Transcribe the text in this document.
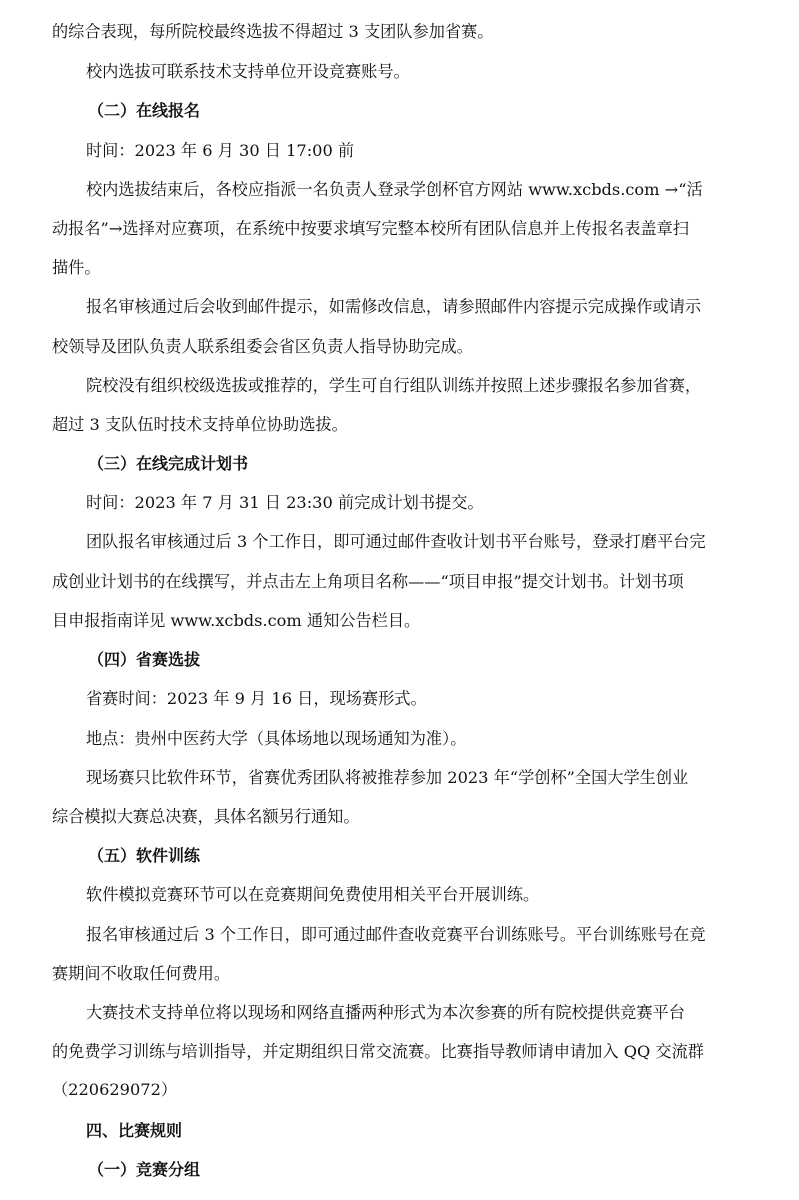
的综合表现，每所院校最终选拔不得超过 3 支团队参加省赛。
校内选拔可联系技术支持单位开设竞赛账号。
（二）在线报名
时间：2023 年 6 月 30 日 17:00 前
校内选拔结束后，各校应指派一名负责人登录学创杯官方网站 www.xcbds.com →“活
动报名”→选择对应赛项，在系统中按要求填写完整本校所有团队信息并上传报名表盖章扫
描件。
报名审核通过后会收到邮件提示，如需修改信息，请参照邮件内容提示完成操作或请示
校领导及团队负责人联系组委会省区负责人指导协助完成。
院校没有组织校级选拔或推荐的，学生可自行组队训练并按照上述步骤报名参加省赛，
超过 3 支队伍时技术支持单位协助选拔。
（三）在线完成计划书
时间：2023 年 7 月 31 日 23:30 前完成计划书提交。
团队报名审核通过后 3 个工作日，即可通过邮件查收计划书平台账号，登录打磨平台完
成创业计划书的在线撰写，并点击左上角项目名称——“项目申报”提交计划书。计划书项
目申报指南详见 www.xcbds.com 通知公告栏目。
（四）省赛选拔
省赛时间：2023 年 9 月 16 日，现场赛形式。
地点：贵州中医药大学（具体场地以现场通知为准）。
现场赛只比软件环节，省赛优秀团队将被推荐参加 2023 年“学创杯”全国大学生创业
综合模拟大赛总决赛，具体名额另行通知。
（五）软件训练
软件模拟竞赛环节可以在竞赛期间免费使用相关平台开展训练。
报名审核通过后 3 个工作日，即可通过邮件查收竞赛平台训练账号。平台训练账号在竞
赛期间不收取任何费用。
大赛技术支持单位将以现场和网络直播两种形式为本次参赛的所有院校提供竞赛平台
的免费学习训练与培训指导，并定期组织日常交流赛。比赛指导教师请申请加入 QQ 交流群
（220629072）
四、比赛规则
（一）竞赛分组
